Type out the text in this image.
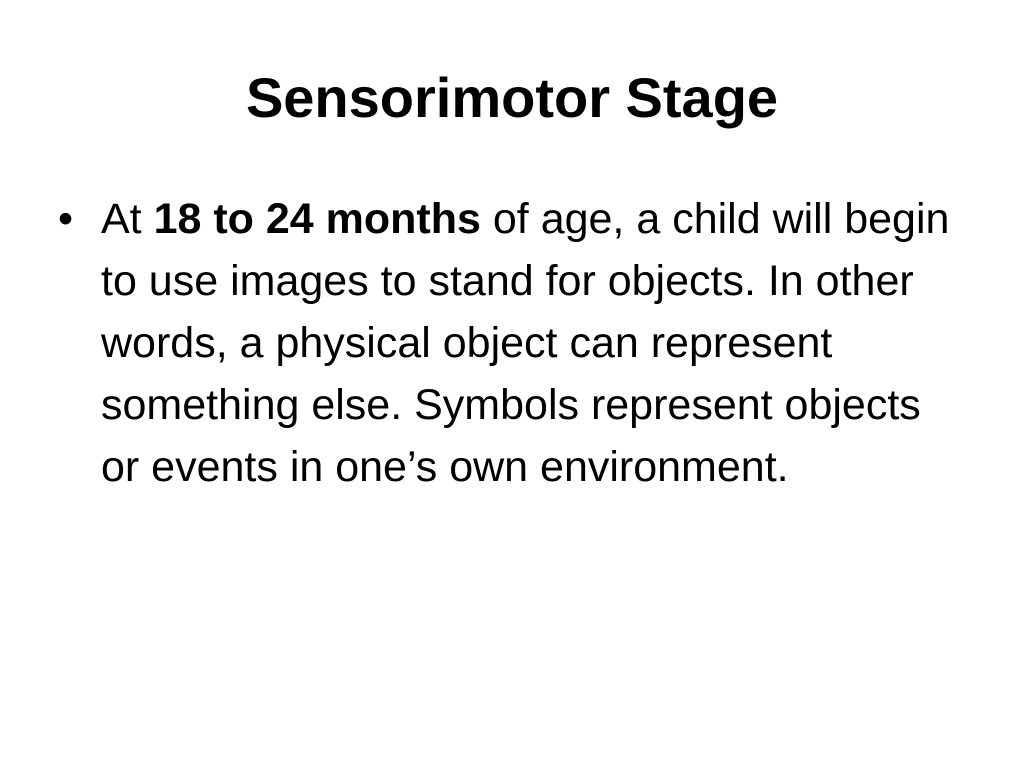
Sensorimotor Stage
• At 18 to 24 months of age, a child will begin to use images to stand for objects. In other words, a physical object can represent something else. Symbols represent objects or events in one’s own environment.
